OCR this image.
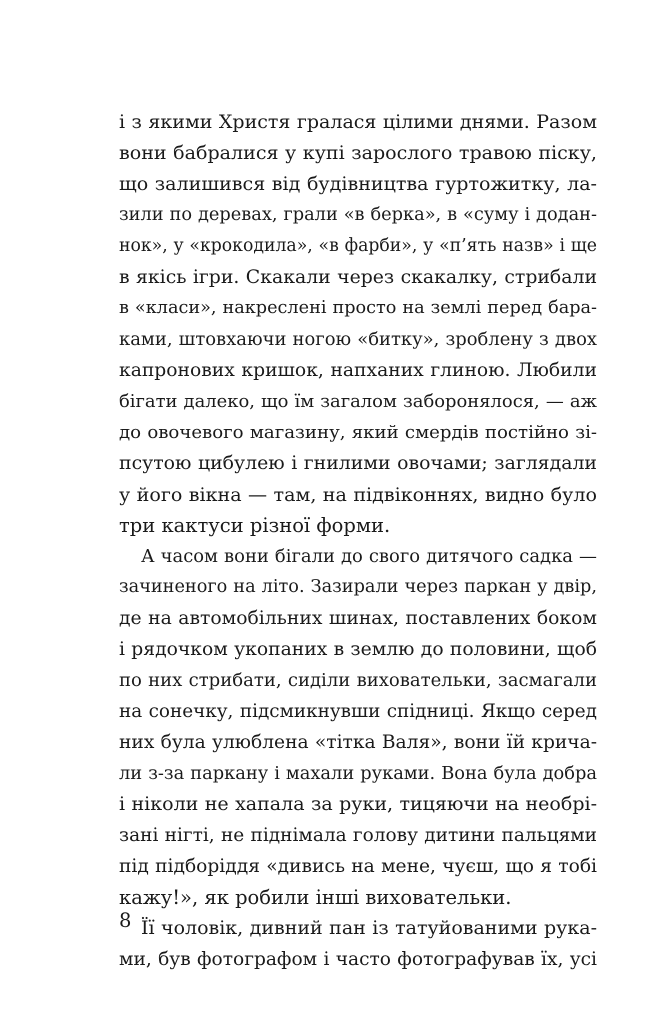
і з якими Христя гралася цілими днями. Разом
вони бабралися у купі зарослого травою піску,
що залишився від будівництва гуртожитку, ла-
зили по деревах, грали «в берка», в «суму і додан-
нок», у «крокодила», «в фарби», у «п’ять назв» і ще
в якісь ігри. Скакали через скакалку, стрибали
в «класи», накреслені просто на землі перед бара-
ками, штовхаючи ногою «битку», зроблену з двох
капронових кришок, напханих глиною. Любили
бігати далеко, що їм загалом заборонялося, — аж
до овочевого магазину, який смердів постійно зі-
псутою цибулею і гнилими овочами; заглядали
у його вікна — там, на підвіконнях, видно було
три кактуси різної форми.
А часом вони бігали до свого дитячого садка —
зачиненого на літо. Зазирали через паркан у двір,
де на автомобільних шинах, поставлених боком
і рядочком укопаних в землю до половини, щоб
по них стрибати, сиділи виховательки, засмагали
на сонечку, підсмикнувши спідниці. Якщо серед
них була улюблена «тітка Валя», вони їй крича-
ли з-за паркану і махали руками. Вона була добра
і ніколи не хапала за руки, тицяючи на необрі-
зані нігті, не піднімала голову дитини пальцями
під підборіддя «дивись на мене, чуєш, що я тобі
кажу!», як робили інші виховательки.
Її чоловік, дивний пан із татуйованими рука-
ми, був фотографом і часто фотографував їх, усі
8
